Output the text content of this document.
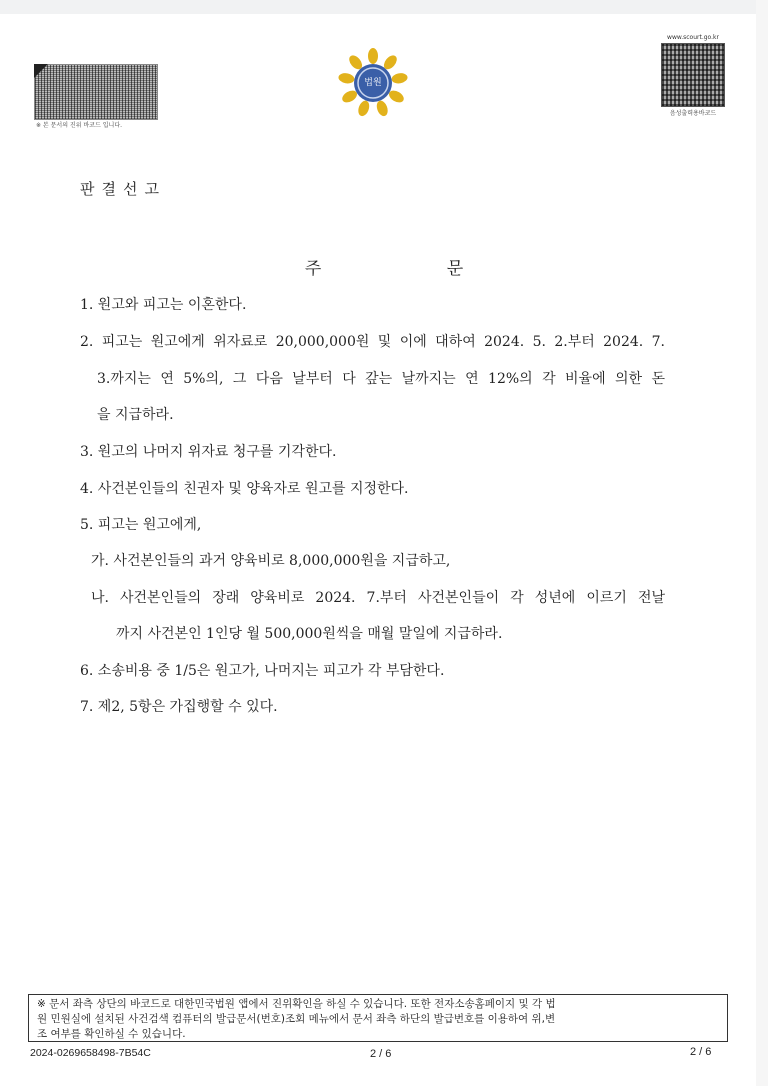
※ 본 문서의 진위 바코드 입니다.
법원
www.scourt.go.kr
음성출력용바코드
판결선고
주 문
1. 원고와 피고는 이혼한다.
2. 피고는 원고에게 위자료로 20,000,000원 및 이에 대하여 2024. 5. 2.부터 2024. 7.
3.까지는 연 5%의, 그 다음 날부터 다 갚는 날까지는 연 12%의 각 비율에 의한 돈
을 지급하라.
3. 원고의 나머지 위자료 청구를 기각한다.
4. 사건본인들의 친권자 및 양육자로 원고를 지정한다.
5. 피고는 원고에게,
가. 사건본인들의 과거 양육비로 8,000,000원을 지급하고,
나. 사건본인들의 장래 양육비로 2024. 7.부터 사건본인들이 각 성년에 이르기 전날
까지 사건본인 1인당 월 500,000원씩을 매월 말일에 지급하라.
6. 소송비용 중 1/5은 원고가, 나머지는 피고가 각 부담한다.
7. 제2, 5항은 가집행할 수 있다.
※ 문서 좌측 상단의 바코드로 대한민국법원 앱에서 진위확인을 하실 수 있습니다. 또한 전자소송홈페이지 및 각 법
원 민원실에 설치된 사건검색 컴퓨터의 발급문서(번호)조회 메뉴에서 문서 좌측 하단의 발급번호를 이용하여 위,변
조 여부를 확인하실 수 있습니다.
2024-0269658498-7B54C	2 / 6	2 / 6
